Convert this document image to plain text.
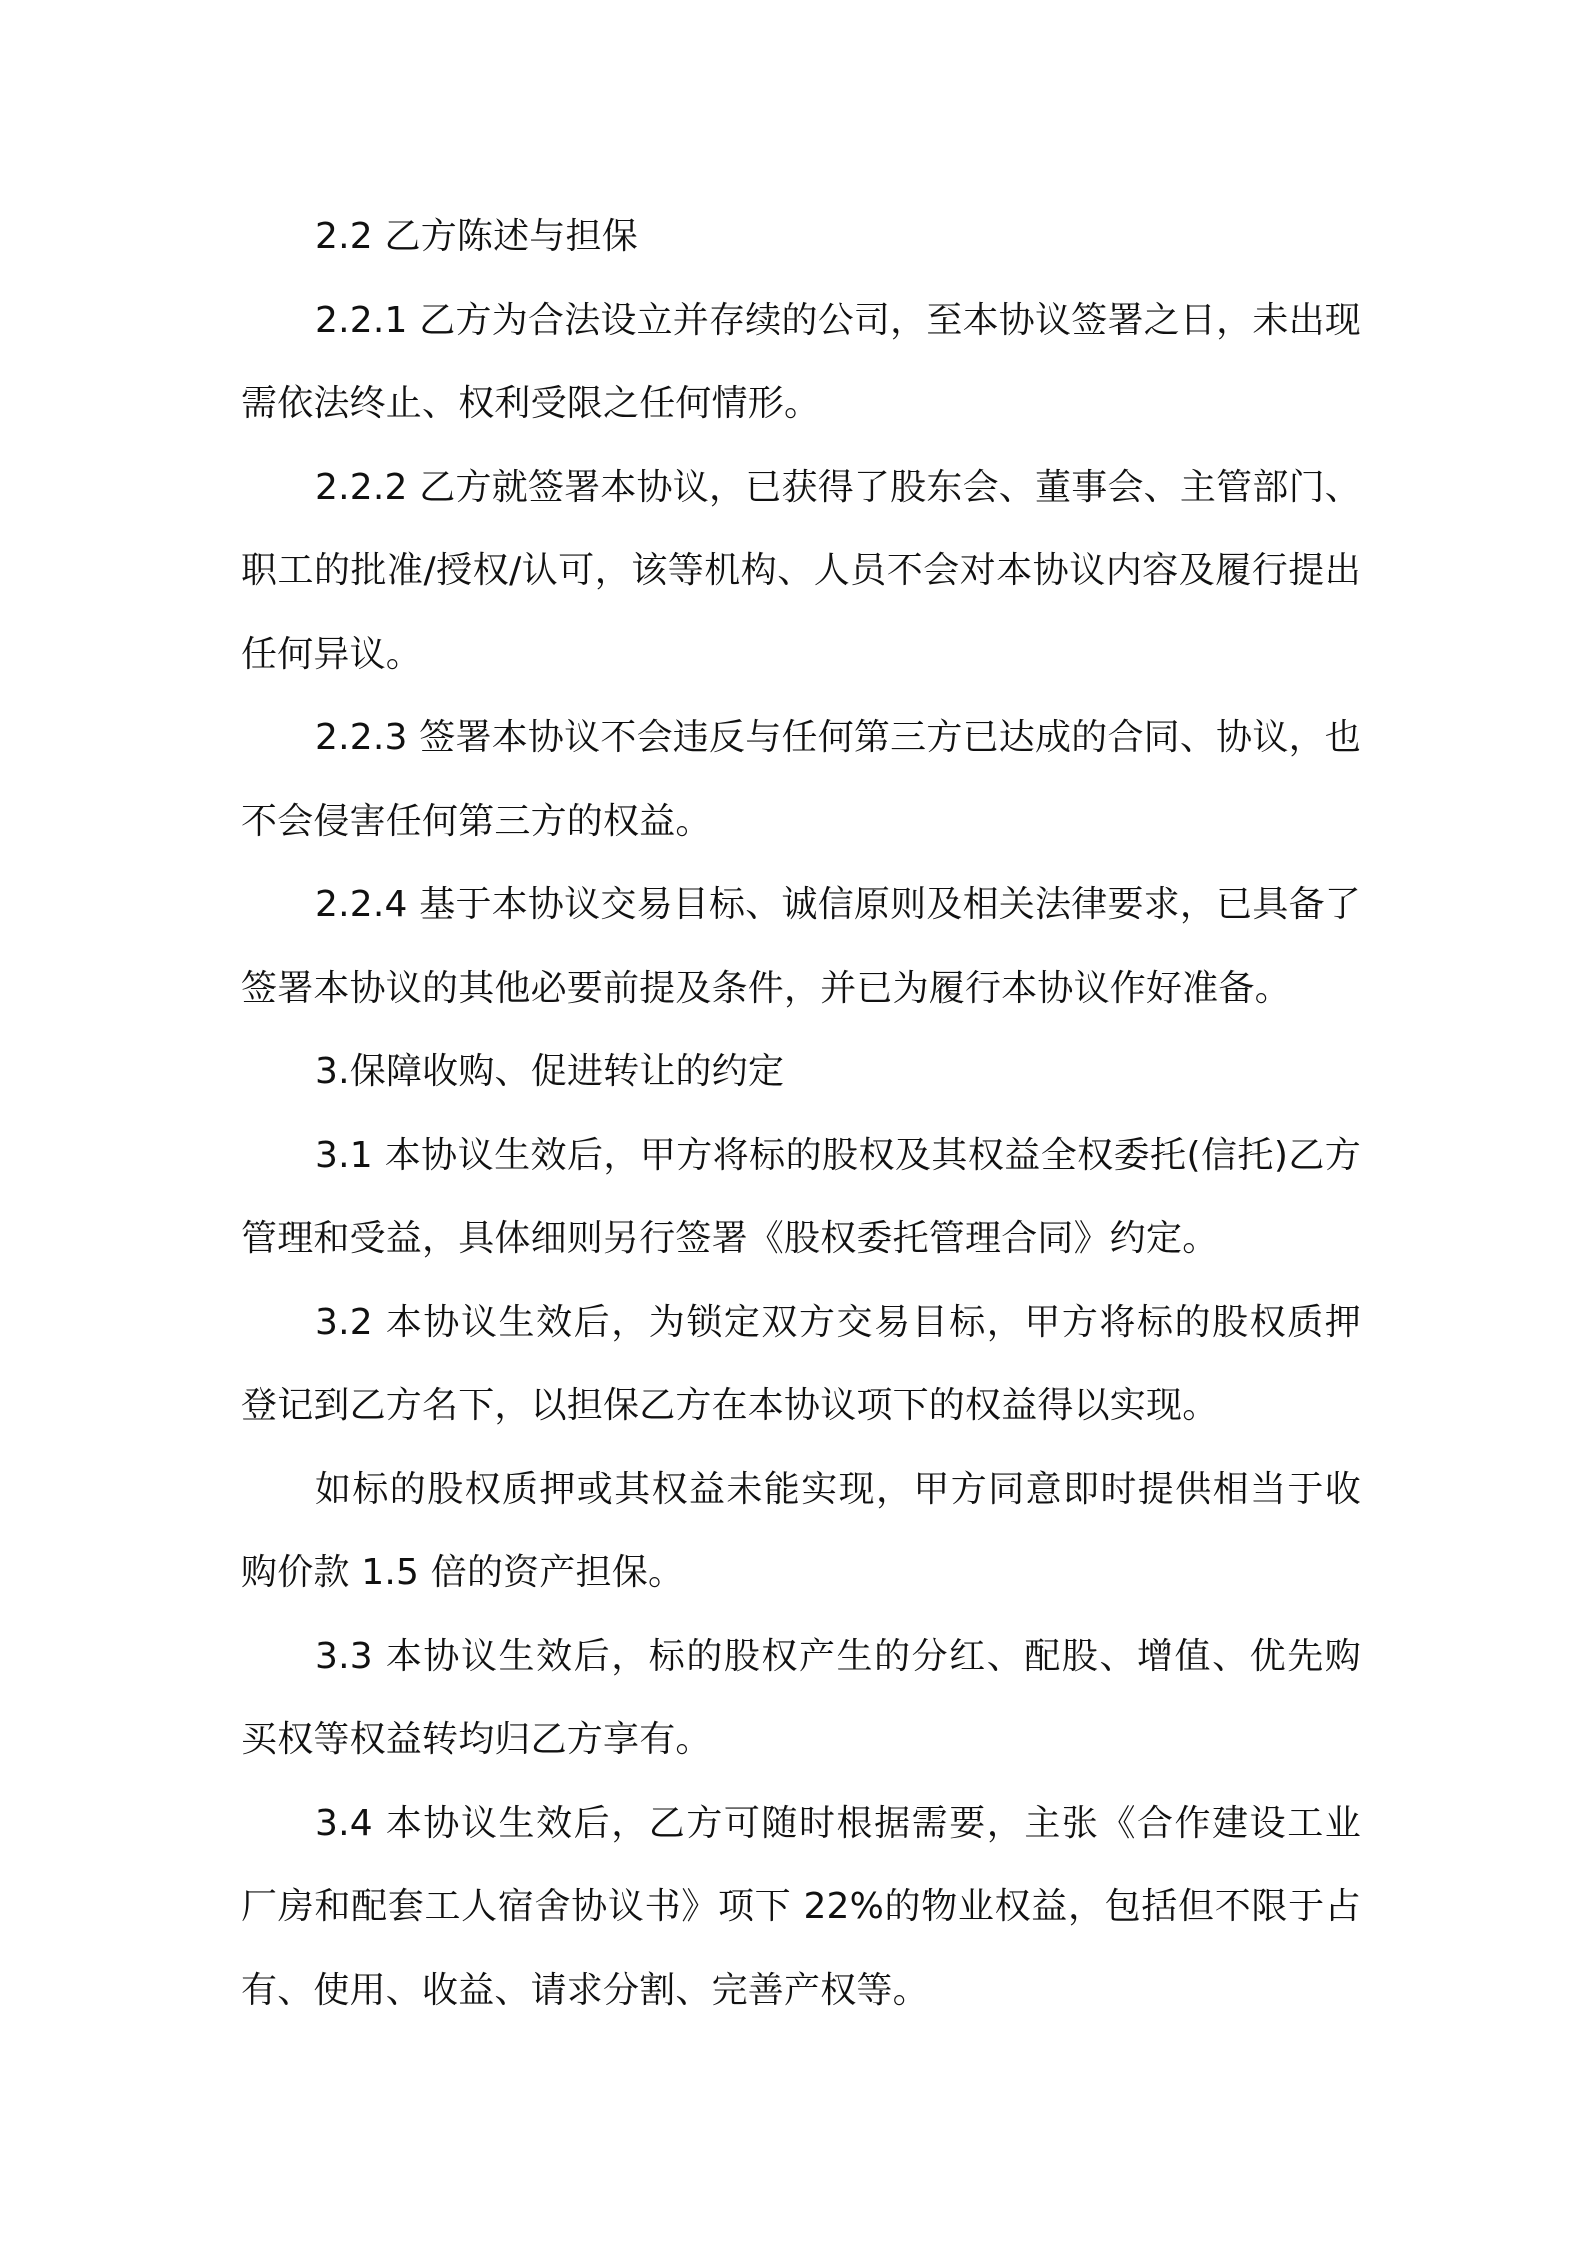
2.2 乙方陈述与担保

2.2.1 乙方为合法设立并存续的公司，至本协议签署之日，未出现需依法终止、权利受限之任何情形。

2.2.2 乙方就签署本协议，已获得了股东会、董事会、主管部门、职工的批准/授权/认可，该等机构、人员不会对本协议内容及履行提出任何异议。

2.2.3 签署本协议不会违反与任何第三方已达成的合同、协议，也不会侵害任何第三方的权益。

2.2.4 基于本协议交易目标、诚信原则及相关法律要求，已具备了签署本协议的其他必要前提及条件，并已为履行本协议作好准备。

3.保障收购、促进转让的约定

3.1 本协议生效后，甲方将标的股权及其权益全权委托(信托)乙方管理和受益，具体细则另行签署《股权委托管理合同》约定。

3.2 本协议生效后，为锁定双方交易目标，甲方将标的股权质押登记到乙方名下，以担保乙方在本协议项下的权益得以实现。

如标的股权质押或其权益未能实现，甲方同意即时提供相当于收购价款 1.5 倍的资产担保。

3.3 本协议生效后，标的股权产生的分红、配股、增值、优先购买权等权益转均归乙方享有。

3.4 本协议生效后，乙方可随时根据需要，主张《合作建设工业厂房和配套工人宿舍协议书》项下 22%的物业权益，包括但不限于占有、使用、收益、请求分割、完善产权等。
